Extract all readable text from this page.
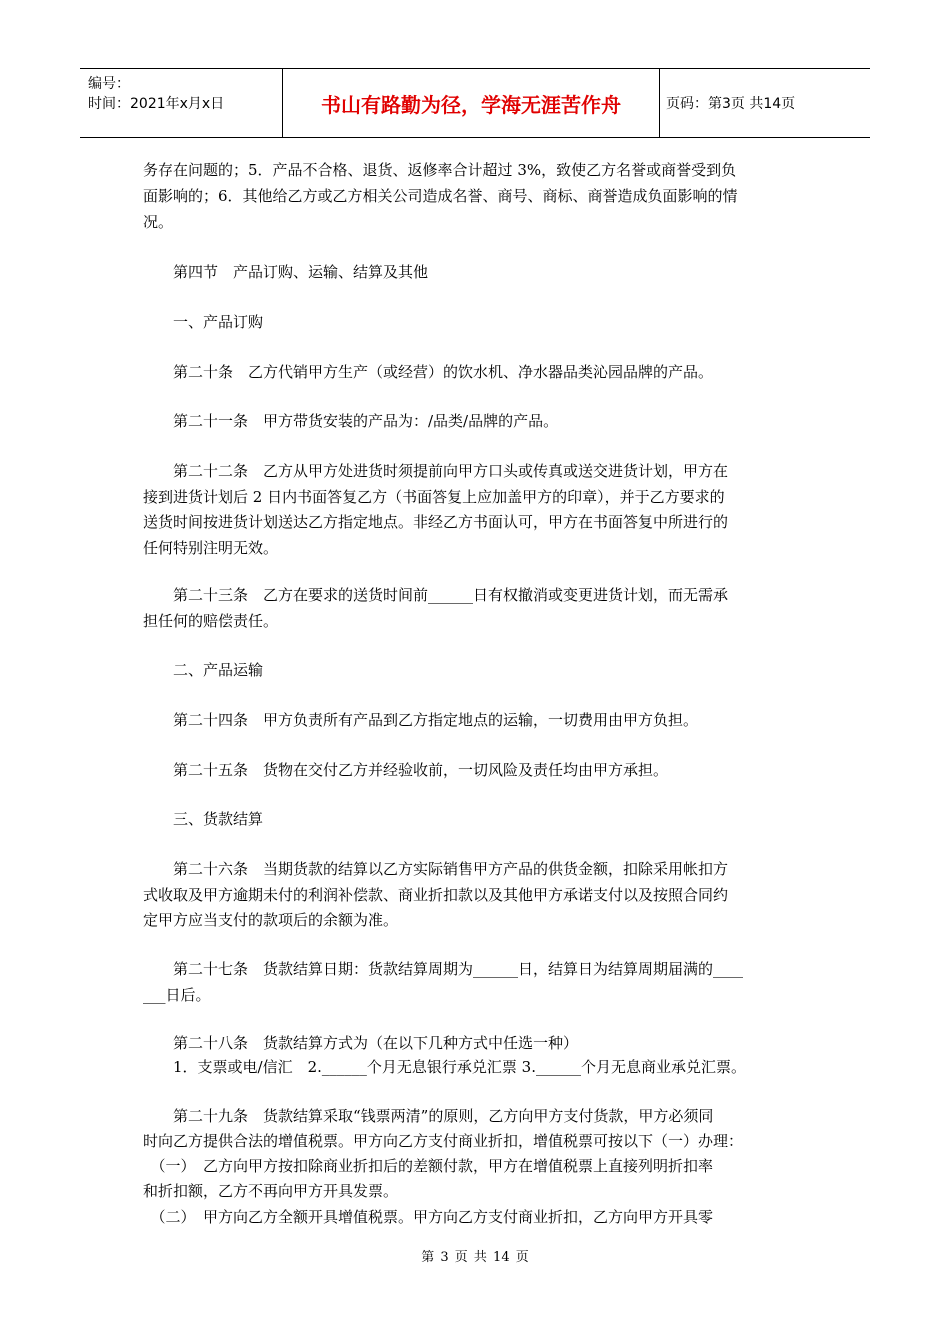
编号：
时间：2021年x月x日	书山有路勤为径，学海无涯苦作舟	页码：第3页 共14页
务存在问题的；5．产品不合格、退货、返修率合计超过 3%，致使乙方名誉或商誉受到负
面影响的；6．其他给乙方或乙方相关公司造成名誉、商号、商标、商誉造成负面影响的情
况。
　　第四节　产品订购、运输、结算及其他
　　一、产品订购
　　第二十条　乙方代销甲方生产（或经营）的饮水机、净水器品类沁园品牌的产品。
　　第二十一条　甲方带货安装的产品为：/品类/品牌的产品。
　　第二十二条　乙方从甲方处进货时须提前向甲方口头或传真或送交进货计划，甲方在
接到进货计划后 2 日内书面答复乙方（书面答复上应加盖甲方的印章），并于乙方要求的
送货时间按进货计划送达乙方指定地点。非经乙方书面认可，甲方在书面答复中所进行的
任何特别注明无效。
　　第二十三条　乙方在要求的送货时间前______日有权撤消或变更进货计划，而无需承
担任何的赔偿责任。
　　二、产品运输
　　第二十四条　甲方负责所有产品到乙方指定地点的运输，一切费用由甲方负担。
　　第二十五条　货物在交付乙方并经验收前，一切风险及责任均由甲方承担。
　　三、货款结算
　　第二十六条　当期货款的结算以乙方实际销售甲方产品的供货金额，扣除采用帐扣方
式收取及甲方逾期未付的利润补偿款、商业折扣款以及其他甲方承诺支付以及按照合同约
定甲方应当支付的款项后的余额为准。
　　第二十七条　货款结算日期：货款结算周期为______日，结算日为结算周期届满的____
___日后。
　　第二十八条　货款结算方式为（在以下几种方式中任选一种）
　　1．支票或电/信汇　2.______个月无息银行承兑汇票 3.______个月无息商业承兑汇票。
　　第二十九条　货款结算采取“钱票两清”的原则，乙方向甲方支付货款，甲方必须同
时向乙方提供合法的增值税票。甲方向乙方支付商业折扣，增值税票可按以下（一）办理：
　（一）　乙方向甲方按扣除商业折扣后的差额付款，甲方在增值税票上直接列明折扣率
和折扣额，乙方不再向甲方开具发票。
　（二）　甲方向乙方全额开具增值税票。甲方向乙方支付商业折扣，乙方向甲方开具零
第 3 页 共 14 页
